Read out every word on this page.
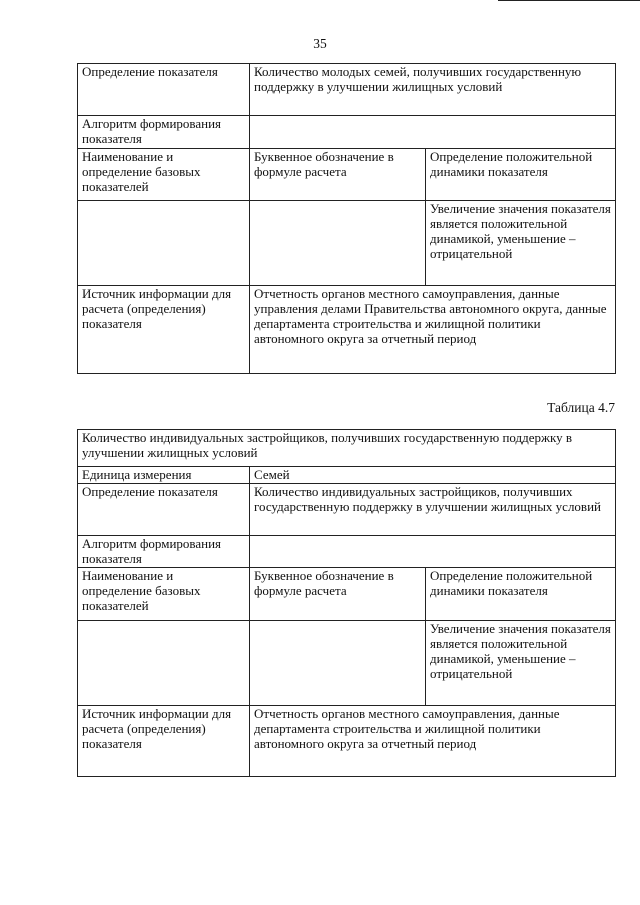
35
Определение показателя	Количество молодых семей, получивших государственную поддержку в улучшении жилищных условий	
Алгоритм формирования показателя		
Наименование и определение базовых показателей	Буквенное обозначение в формуле расчета	Определение положительной динамики показателя
		Увеличение значения показателя является положительной динамикой, уменьшение – отрицательной
Источник информации для расчета (определения) показателя	Отчетность органов местного самоуправления, данные управления делами Правительства автономного округа, данные департамента строительства и жилищной политики автономного округа за отчетный период	
Таблица 4.7
Количество индивидуальных застройщиков, получивших государственную поддержку в улучшении жилищных условий		
Единица измерения	Семей	
Определение показателя	Количество индивидуальных застройщиков, получивших государственную поддержку в улучшении жилищных условий	
Алгоритм формирования показателя		
Наименование и определение базовых показателей	Буквенное обозначение в формуле расчета	Определение положительной динамики показателя
		Увеличение значения показателя является положительной динамикой, уменьшение – отрицательной
Источник информации для расчета (определения) показателя	Отчетность органов местного самоуправления, данные департамента строительства и жилищной политики автономного округа за отчетный период	
